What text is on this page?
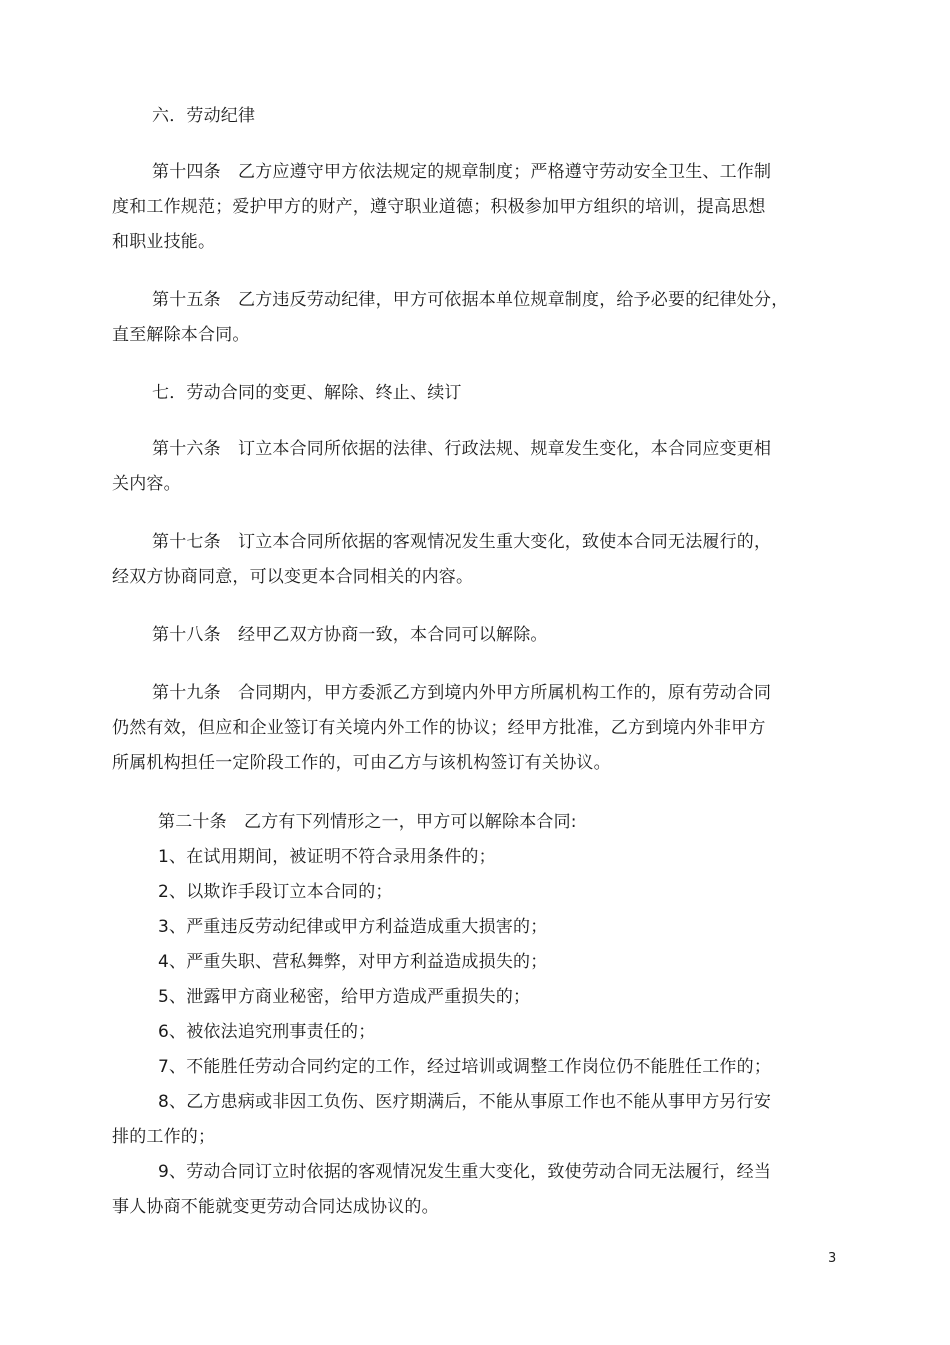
六．劳动纪律
第十四条　乙方应遵守甲方依法规定的规章制度；严格遵守劳动安全卫生、工作制
度和工作规范；爱护甲方的财产，遵守职业道德；积极参加甲方组织的培训，提高思想
和职业技能。
第十五条　乙方违反劳动纪律，甲方可依据本单位规章制度，给予必要的纪律处分，
直至解除本合同。
七．劳动合同的变更、解除、终止、续订
第十六条　订立本合同所依据的法律、行政法规、规章发生变化，本合同应变更相
关内容。
第十七条　订立本合同所依据的客观情况发生重大变化，致使本合同无法履行的，
经双方协商同意，可以变更本合同相关的内容。
第十八条　经甲乙双方协商一致，本合同可以解除。
第十九条　合同期内，甲方委派乙方到境内外甲方所属机构工作的，原有劳动合同
仍然有效，但应和企业签订有关境内外工作的协议；经甲方批准，乙方到境内外非甲方
所属机构担任一定阶段工作的，可由乙方与该机构签订有关协议。
第二十条　乙方有下列情形之一，甲方可以解除本合同:
1、在试用期间，被证明不符合录用条件的；
2、以欺诈手段订立本合同的；
3、严重违反劳动纪律或甲方利益造成重大损害的；
4、严重失职、营私舞弊，对甲方利益造成损失的；
5、泄露甲方商业秘密，给甲方造成严重损失的；
6、被依法追究刑事责任的；
7、不能胜任劳动合同约定的工作，经过培训或调整工作岗位仍不能胜任工作的；
8、乙方患病或非因工负伤、医疗期满后，不能从事原工作也不能从事甲方另行安
排的工作的；
9、劳动合同订立时依据的客观情况发生重大变化，致使劳动合同无法履行，经当
事人协商不能就变更劳动合同达成协议的。
3
